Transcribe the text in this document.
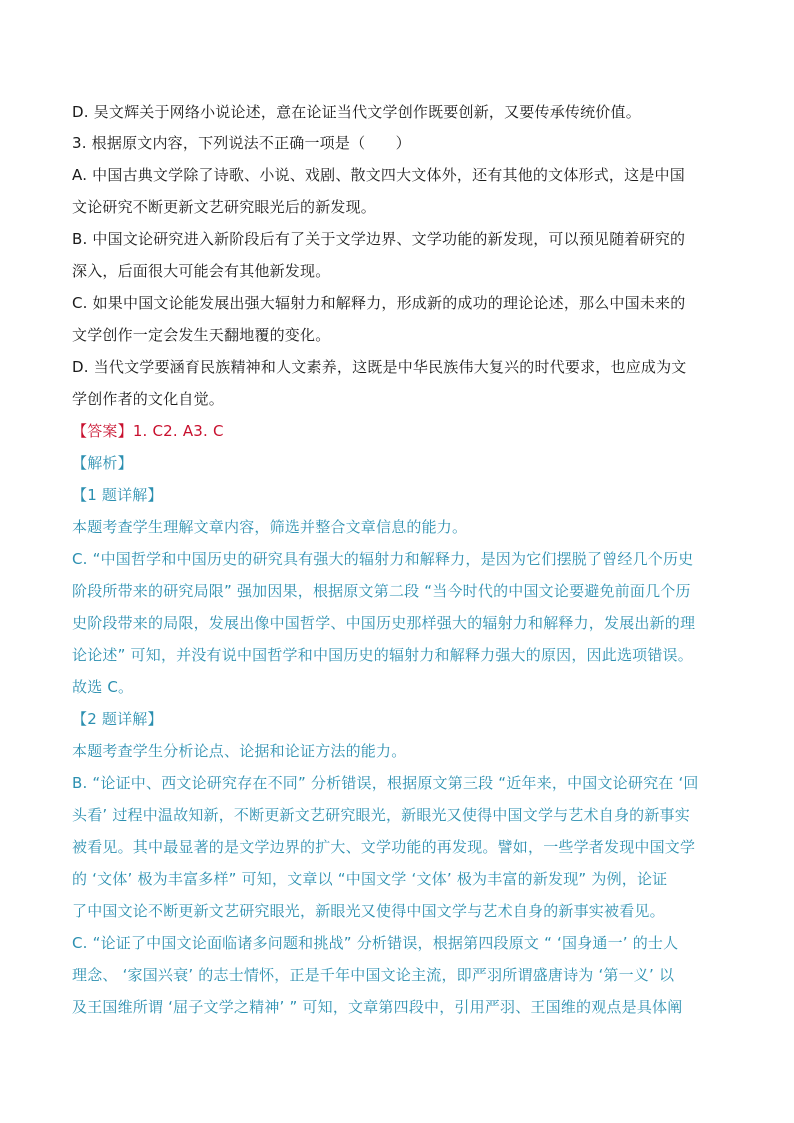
D. 吴文辉关于网络小说论述，意在论证当代文学创作既要创新，又要传承传统价值。
3. 根据原文内容，下列说法不正确一项是（　　）
A. 中国古典文学除了诗歌、小说、戏剧、散文四大文体外，还有其他的文体形式，这是中国
文论研究不断更新文艺研究眼光后的新发现。
B. 中国文论研究进入新阶段后有了关于文学边界、文学功能的新发现，可以预见随着研究的
深入，后面很大可能会有其他新发现。
C. 如果中国文论能发展出强大辐射力和解释力，形成新的成功的理论论述，那么中国未来的
文学创作一定会发生天翻地覆的变化。
D. 当代文学要涵育民族精神和人文素养，这既是中华民族伟大复兴的时代要求，也应成为文
学创作者的文化自觉。
【答案】1. C2. A3. C
【解析】
【1 题详解】
本题考查学生理解文章内容，筛选并整合文章信息的能力。
C. “中国哲学和中国历史的研究具有强大的辐射力和解释力，是因为它们摆脱了曾经几个历史
阶段所带来的研究局限” 强加因果，根据原文第二段 “当今时代的中国文论要避免前面几个历
史阶段带来的局限，发展出像中国哲学、中国历史那样强大的辐射力和解释力，发展出新的理
论论述” 可知，并没有说中国哲学和中国历史的辐射力和解释力强大的原因，因此选项错误。
故选 C。
【2 题详解】
本题考查学生分析论点、论据和论证方法的能力。
B. “论证中、西文论研究存在不同” 分析错误，根据原文第三段 “近年来，中国文论研究在 ‘回
头看’ 过程中温故知新，不断更新文艺研究眼光，新眼光又使得中国文学与艺术自身的新事实
被看见。其中最显著的是文学边界的扩大、文学功能的再发现。譬如，一些学者发现中国文学
的 ‘文体’ 极为丰富多样” 可知，文章以 “中国文学 ‘文体’ 极为丰富的新发现” 为例，论证
了中国文论不断更新文艺研究眼光，新眼光又使得中国文学与艺术自身的新事实被看见。
C. “论证了中国文论面临诸多问题和挑战” 分析错误，根据第四段原文 “ ‘国身通一’ 的士人
理念、 ‘家国兴衰’ 的志士情怀，正是千年中国文论主流，即严羽所谓盛唐诗为 ‘第一义’ 以
及王国维所谓 ‘屈子文学之精神’ ” 可知，文章第四段中，引用严羽、王国维的观点是具体阐
